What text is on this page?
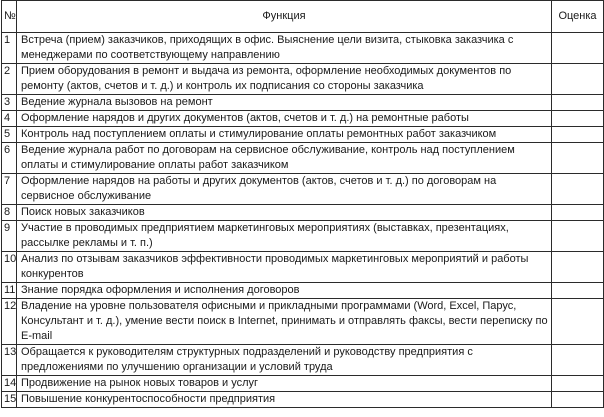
№	Функция	Оценка
1	Встреча (прием) заказчиков, приходящих в офис. Выяснение цели визита, стыковка заказчика с менеджерами по соответствующему направлению	
2	Прием оборудования в ремонт и выдача из ремонта, оформление необходимых документов по ремонту (актов, счетов и т. д.) и контроль их подписания со стороны заказчика	
3	Ведение журнала вызовов на ремонт	
4	Оформление нарядов и других документов (актов, счетов и т. д.) на ремонтные работы	
5	Контроль над поступлением оплаты и стимулирование оплаты ремонтных работ заказчиком	
6	Ведение журнала работ по договорам на сервисное обслуживание, контроль над поступлением оплаты и стимулирование оплаты работ заказчиком	
7	Оформление нарядов на работы и других документов (актов, счетов и т. д.) по договорам на сервисное обслуживание	
8	Поиск новых заказчиков	
9	Участие в проводимых предприятием маркетинговых мероприятиях (выставках, презентациях, рассылке рекламы и т. п.)	
10	Анализ по отзывам заказчиков эффективности проводимых маркетинговых мероприятий и работы конкурентов	
11	Знание порядка оформления и исполнения договоров	
12	Владение на уровне пользователя офисными и прикладными программами (Word, Excel, Парус, Консультант и т. д.), умение вести поиск в Internet, принимать и отправлять факсы, вести переписку по E-mail	
13	Обращается к руководителям структурных подразделений и руководству предприятия с предложениями по улучшению организации и условий труда	
14	Продвижение на рынок новых товаров и услуг	
15	Повышение конкурентоспособности предприятия	
